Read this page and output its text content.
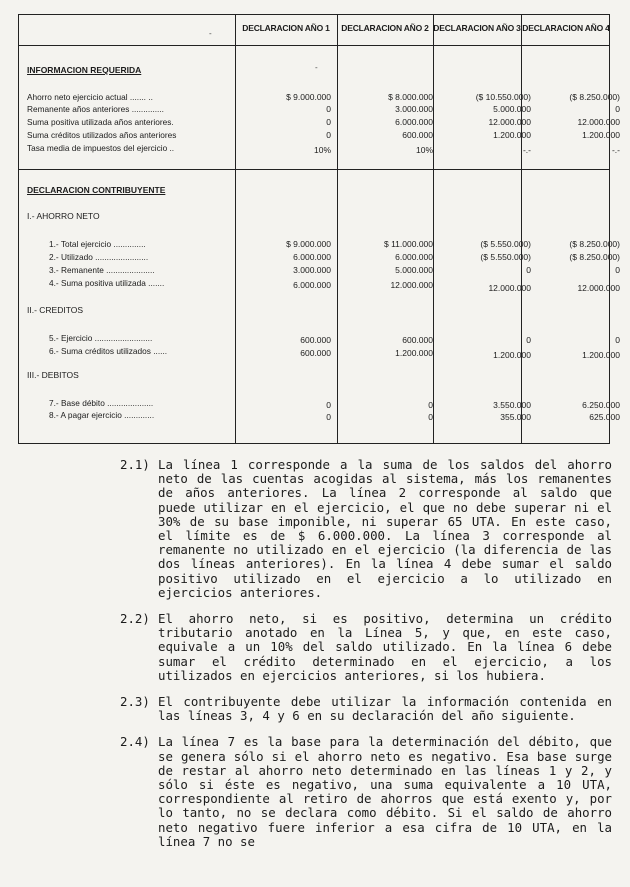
DECLARACION AÑO 1	DECLARACION AÑO 2 DECLARACION AÑO 3 DECLARACION AÑO 4
-
-
INFORMACION REQUERIDA
Ahorro neto ejercicio actual ....... ..	$ 9.000.000	$ 8.000.000	($ 10.550.000)	($ 8.250.000)
Remanente años anteriores ..............	0	3.000.000	5.000.000	0
Suma positiva utilizada años anteriores.	0	6.000.000	12.000.000	12.000.000
Suma créditos utilizados años anteriores	0	600.000	1.200.000	1.200.000
Tasa media de impuestos del ejercicio ..	10%	10%	-.-	-.-
DECLARACION CONTRIBUYENTE
I.- AHORRO NETO
1.- Total ejercicio ..............	$ 9.000.000	$ 11.000.000	($ 5.550.000)	($ 8.250.000)
2.- Utilizado .......................	6.000.000	6.000.000	($ 5.550.000)	($ 8.250.000)
3.- Remanente .....................	3.000.000	5.000.000	0	0
4.- Suma positiva utilizada .......	6.000.000	12.000.000	12.000.000	12.000.000
II.- CREDITOS
5.- Ejercicio .........................	600.000	600.000	0	0
6.- Suma créditos utilizados ......	600.000	1.200.000	1.200.000	1.200.000
III.- DEBITOS
7.- Base débito ....................	0	0	3.550.000	6.250.000
8.- A pagar ejercicio .............	0	0	355.000	625.000
2.1) La línea 1 corresponde a la suma de los saldos del ahorro neto de las cuentas acogidas al sistema, más los remanentes de años anteriores. La línea 2 corresponde al saldo que puede utilizar en el ejercicio, el que no debe superar ni el 30% de su base imponible, ni superar 65 UTA. En este caso, el límite es de $ 6.000.000. La línea 3 corresponde al remanente no utilizado en el ejercicio (la diferencia de las dos líneas anteriores). En la línea 4 debe sumar el saldo positivo utilizado en el ejercicio a lo utilizado en ejercicios anteriores.
2.2) El ahorro neto, si es positivo, determina un crédito tributario anotado en la Línea 5, y que, en este caso, equivale a un 10% del saldo utilizado. En la línea 6 debe sumar el crédito determinado en el ejercicio, a los utilizados en ejercicios anteriores, si los hubiera.
2.3) El contribuyente debe utilizar la información contenida en las líneas 3, 4 y 6 en su declaración del año siguiente.
2.4) La línea 7 es la base para la determinación del débito, que se genera sólo si el ahorro neto es negativo. Esa base surge de restar al ahorro neto determinado en las líneas 1 y 2, y sólo si éste es negativo, una suma equivalente a 10 UTA, correspondiente al retiro de ahorros que está exento y, por lo tanto, no se declara como débito. Si el saldo de ahorro neto negativo fuere inferior a esa cifra de 10 UTA, en la línea 7 no se
